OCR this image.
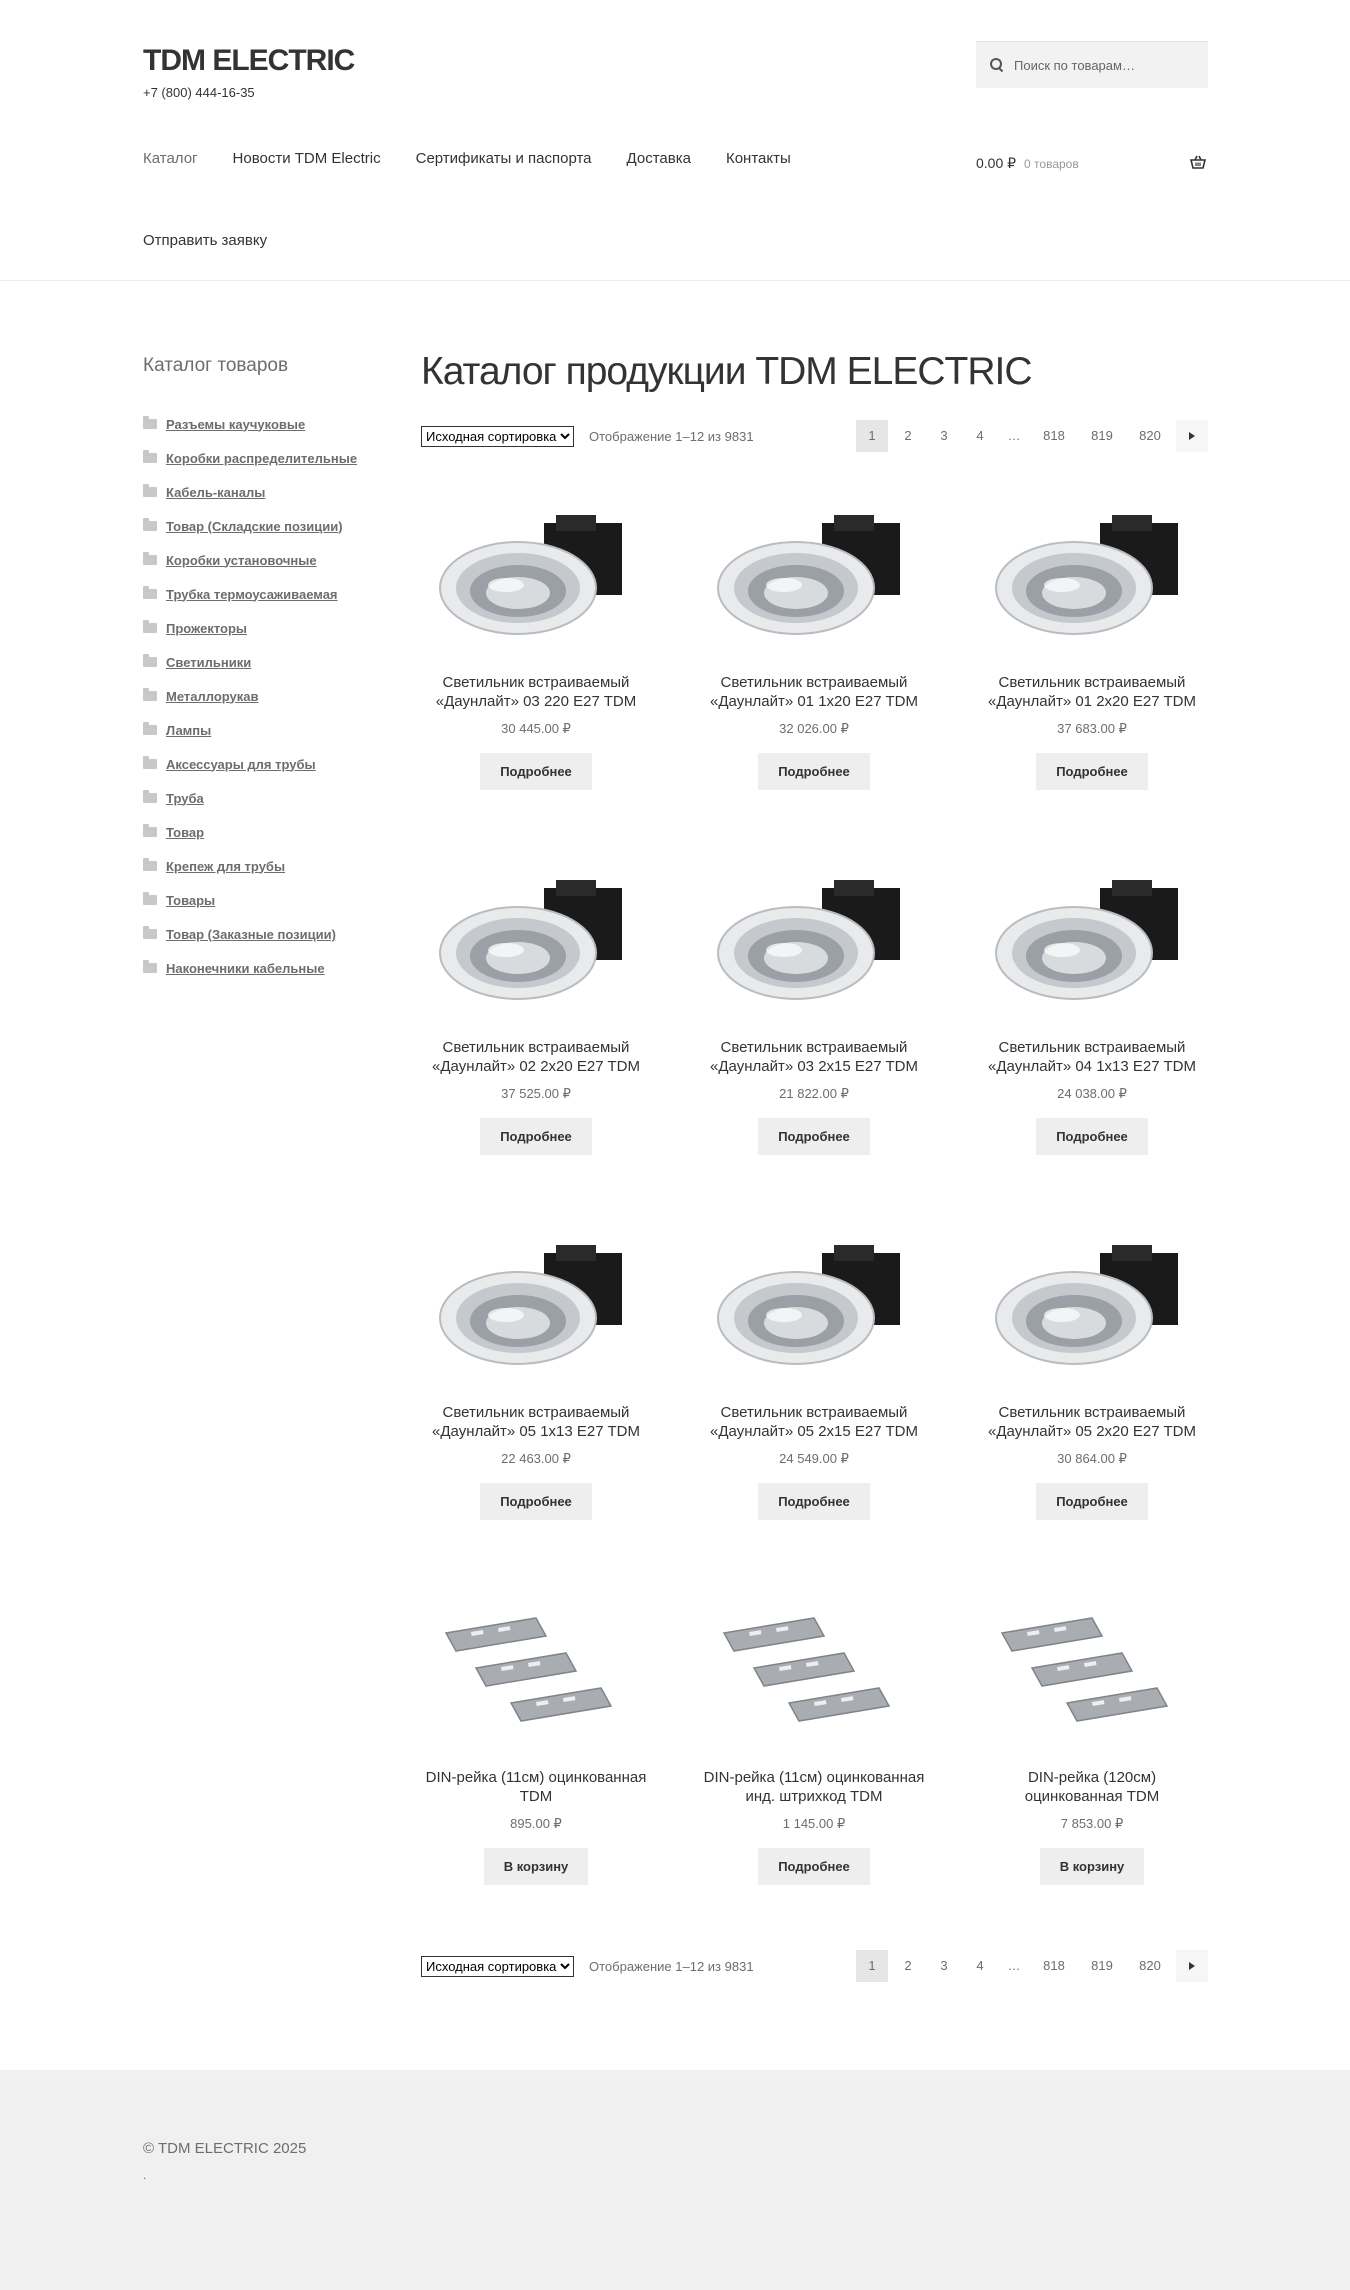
TDM ELECTRIC
+7 (800) 444-16-35
Поиск по товарам…
Каталог Новости TDM Electric Сертификаты и паспорта Доставка Контакты
Отправить заявку
0.00 ₽ 0 товаров
Каталог товаров
Разъемы каучуковые
Коробки распределительные
Кабель-каналы
Товар (Складские позиции)
Коробки установочные
Трубка термоусаживаемая
Прожекторы
Светильники
Металлорукав
Лампы
Аксессуары для трубы
Труба
Товар
Крепеж для трубы
Товары
Товар (Заказные позиции)
Наконечники кабельные
Каталог продукции TDM ELECTRIC
Исходная сортировка
Отображение 1–12 из 9831	1	2	3	4	…	818	819	820
Светильник встраиваемый «Даунлайт» 03 220 E27 TDM
30 445.00 ₽
Подробнее
Светильник встраиваемый «Даунлайт» 01 1х20 E27 TDM
32 026.00 ₽
Подробнее
Светильник встраиваемый «Даунлайт» 01 2х20 E27 TDM
37 683.00 ₽
Подробнее
Светильник встраиваемый «Даунлайт» 02 2х20 E27 TDM
37 525.00 ₽
Подробнее
Светильник встраиваемый «Даунлайт» 03 2х15 E27 TDM
21 822.00 ₽
Подробнее
Светильник встраиваемый «Даунлайт» 04 1х13 E27 TDM
24 038.00 ₽
Подробнее
Светильник встраиваемый «Даунлайт» 05 1х13 E27 TDM
22 463.00 ₽
Подробнее
Светильник встраиваемый «Даунлайт» 05 2х15 E27 TDM
24 549.00 ₽
Подробнее
Светильник встраиваемый «Даунлайт» 05 2х20 E27 TDM
30 864.00 ₽
Подробнее
DIN-рейка (11см) оцинкованная TDM
895.00 ₽
В корзину
DIN-рейка (11см) оцинкованная инд. штрихкод TDM
1 145.00 ₽
Подробнее
DIN-рейка (120см) оцинкованная TDM
7 853.00 ₽
В корзину
Исходная сортировка
Отображение 1–12 из 9831	1	2	3	4	…	818	819	820
© TDM ELECTRIC 2025
.
